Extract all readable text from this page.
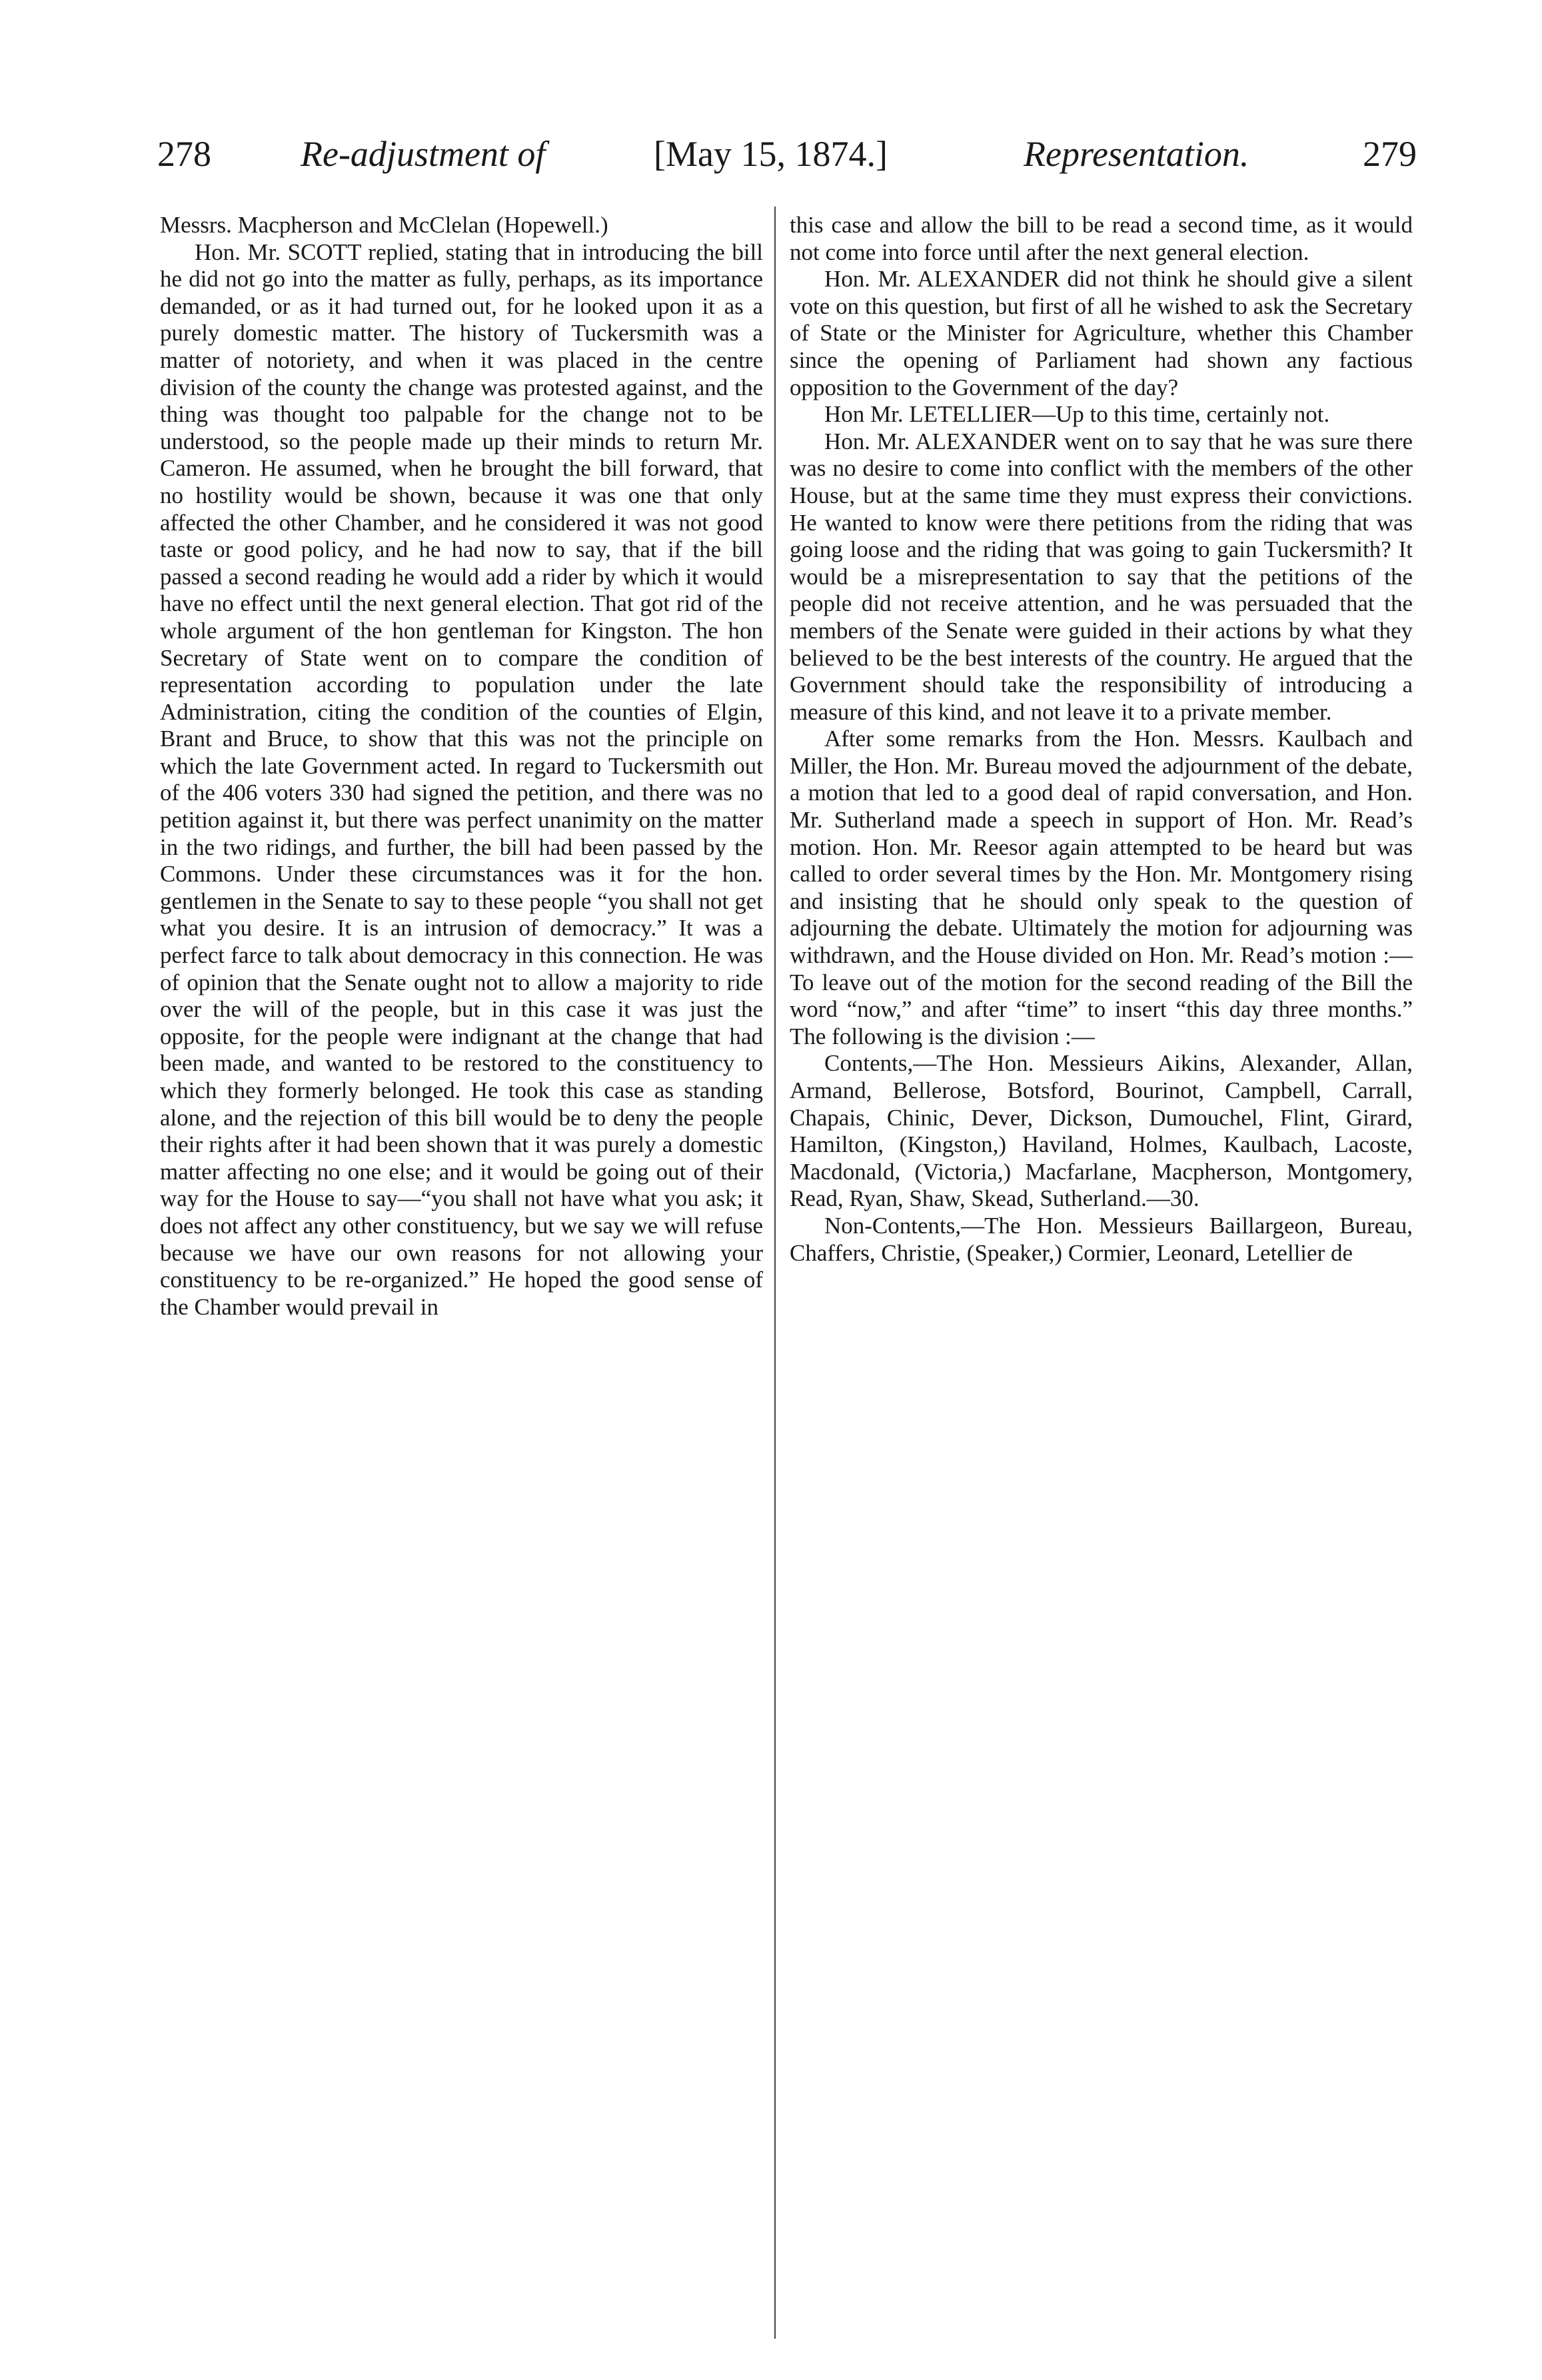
278 Re-adjustment of	[May 15, 1874.]	Representation.	279

Messrs. Macpherson and McClelan (Hopewell.)

Hon. Mr. SCOTT replied, stating that in introducing the bill he did not go into the matter as fully, perhaps, as its importance demanded, or as it had turned out, for he looked upon it as a purely domestic matter. The history of Tuckersmith was a matter of notoriety, and when it was placed in the centre division of the county the change was protested against, and the thing was thought too palpable for the change not to be understood, so the people made up their minds to return Mr. Cameron. He assumed, when he brought the bill forward, that no hostility would be shown, because it was one that only affected the other Chamber, and he considered it was not good taste or good policy, and he had now to say, that if the bill passed a second reading he would add a rider by which it would have no effect until the next general election. That got rid of the whole argument of the hon gentleman for Kingston. The hon Secretary of State went on to compare the condition of representation according to population under the late Administration, citing the condition of the counties of Elgin, Brant and Bruce, to show that this was not the principle on which the late Government acted. In regard to Tuckersmith out of the 406 voters 330 had signed the petition, and there was no petition against it, but there was perfect unanimity on the matter in the two ridings, and further, the bill had been passed by the Commons. Under these circumstances was it for the hon. gentlemen in the Senate to say to these people “you shall not get what you desire. It is an intrusion of democracy.” It was a perfect farce to talk about democracy in this connection. He was of opinion that the Senate ought not to allow a majority to ride over the will of the people, but in this case it was just the opposite, for the people were indignant at the change that had been made, and wanted to be restored to the constituency to which they formerly belonged. He took this case as standing alone, and the rejection of this bill would be to deny the people their rights after it had been shown that it was purely a domestic matter affecting no one else; and it would be going out of their way for the House to say—“you shall not have what you ask; it does not affect any other constituency, but we say we will refuse because we have our own reasons for not allowing your constituency to be re-organized.” He hoped the good sense of the Chamber would prevail in

this case and allow the bill to be read a second time, as it would not come into force until after the next general election.

Hon. Mr. ALEXANDER did not think he should give a silent vote on this question, but first of all he wished to ask the Secretary of State or the Minister for Agriculture, whether this Chamber since the opening of Parliament had shown any factious opposition to the Government of the day?

Hon Mr. LETELLIER—Up to this time, certainly not.

Hon. Mr. ALEXANDER went on to say that he was sure there was no desire to come into conflict with the members of the other House, but at the same time they must express their convictions. He wanted to know were there petitions from the riding that was going loose and the riding that was going to gain Tuckersmith? It would be a misrepresentation to say that the petitions of the people did not receive attention, and he was persuaded that the members of the Senate were guided in their actions by what they believed to be the best interests of the country. He argued that the Government should take the responsibility of introducing a measure of this kind, and not leave it to a private member.

After some remarks from the Hon. Messrs. Kaulbach and Miller, the Hon. Mr. Bureau moved the adjournment of the debate, a motion that led to a good deal of rapid conversation, and Hon. Mr. Sutherland made a speech in support of Hon. Mr. Read’s motion. Hon. Mr. Reesor again attempted to be heard but was called to order several times by the Hon. Mr. Montgomery rising and insisting that he should only speak to the question of adjourning the debate. Ultimately the motion for adjourning was withdrawn, and the House divided on Hon. Mr. Read’s motion :—To leave out of the motion for the second reading of the Bill the word “now,” and after “time” to insert “this day three months.” The following is the division :—

Contents,—The Hon. Messieurs Aikins, Alexander, Allan, Armand, Bellerose, Botsford, Bourinot, Campbell, Carrall, Chapais, Chinic, Dever, Dickson, Dumouchel, Flint, Girard, Hamilton, (Kingston,) Haviland, Holmes, Kaulbach, Lacoste, Macdonald, (Victoria,) Macfarlane, Macpherson, Montgomery, Read, Ryan, Shaw, Skead, Sutherland.—30.

Non-Contents,—The Hon. Messieurs Baillargeon, Bureau, Chaffers, Christie, (Speaker,) Cormier, Leonard, Letellier de
